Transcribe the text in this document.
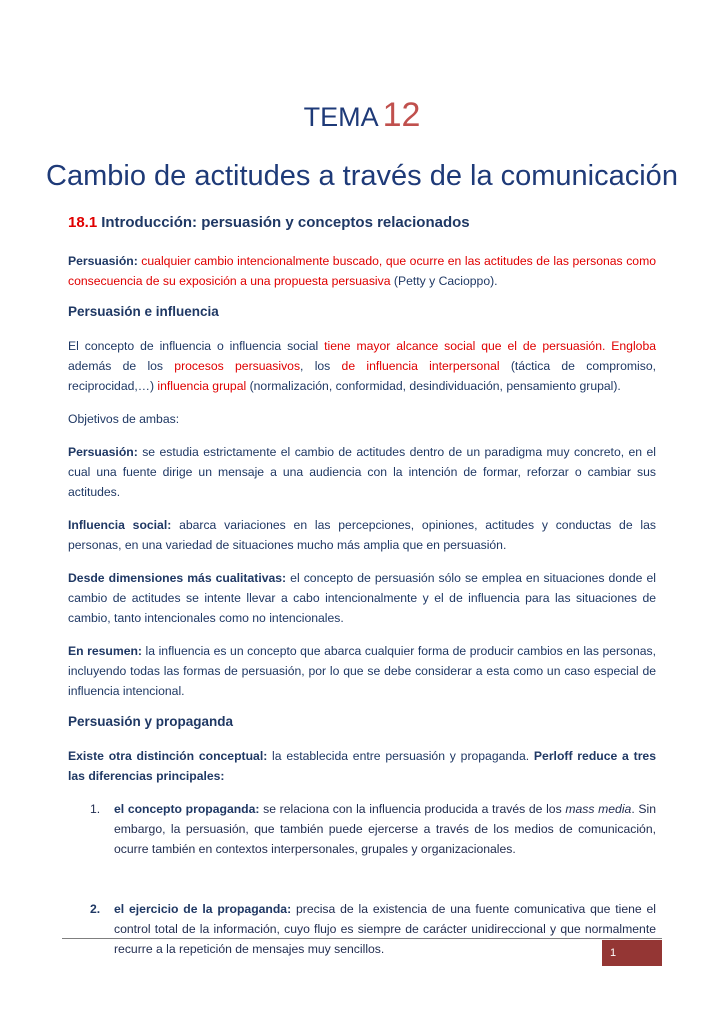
TEMA 12
Cambio de actitudes a través de la comunicación
18.1 Introducción: persuasión y conceptos relacionados

Persuasión: cualquier cambio intencionalmente buscado, que ocurre en las actitudes de las personas como consecuencia de su exposición a una propuesta persuasiva (Petty y Cacioppo).

Persuasión e influencia

El concepto de influencia o influencia social tiene mayor alcance social que el de persuasión. Engloba además de los procesos persuasivos, los de influencia interpersonal (táctica de compromiso, reciprocidad,…) influencia grupal (normalización, conformidad, desindividuación, pensamiento grupal).

Objetivos de ambas:

Persuasión: se estudia estrictamente el cambio de actitudes dentro de un paradigma muy concreto, en el cual una fuente dirige un mensaje a una audiencia con la intención de formar, reforzar o cambiar sus actitudes.

Influencia social: abarca variaciones en las percepciones, opiniones, actitudes y conductas de las personas, en una variedad de situaciones mucho más amplia que en persuasión.

Desde dimensiones más cualitativas: el concepto de persuasión sólo se emplea en situaciones donde el cambio de actitudes se intente llevar a cabo intencionalmente y el de influencia para las situaciones de cambio, tanto intencionales como no intencionales.

En resumen: la influencia es un concepto que abarca cualquier forma de producir cambios en las personas, incluyendo todas las formas de persuasión, por lo que se debe considerar a esta como un caso especial de influencia intencional.

Persuasión y propaganda

Existe otra distinción conceptual: la establecida entre persuasión y propaganda. Perloff reduce a tres las diferencias principales:

1. el concepto propaganda: se relaciona con la influencia producida a través de los mass media. Sin embargo, la persuasión, que también puede ejercerse a través de los medios de comunicación, ocurre también en contextos interpersonales, grupales y organizacionales.
2. el ejercicio de la propaganda: precisa de la existencia de una fuente comunicativa que tiene el control total de la información, cuyo flujo es siempre de carácter unidireccional y que normalmente recurre a la repetición de mensajes muy sencillos.	1
